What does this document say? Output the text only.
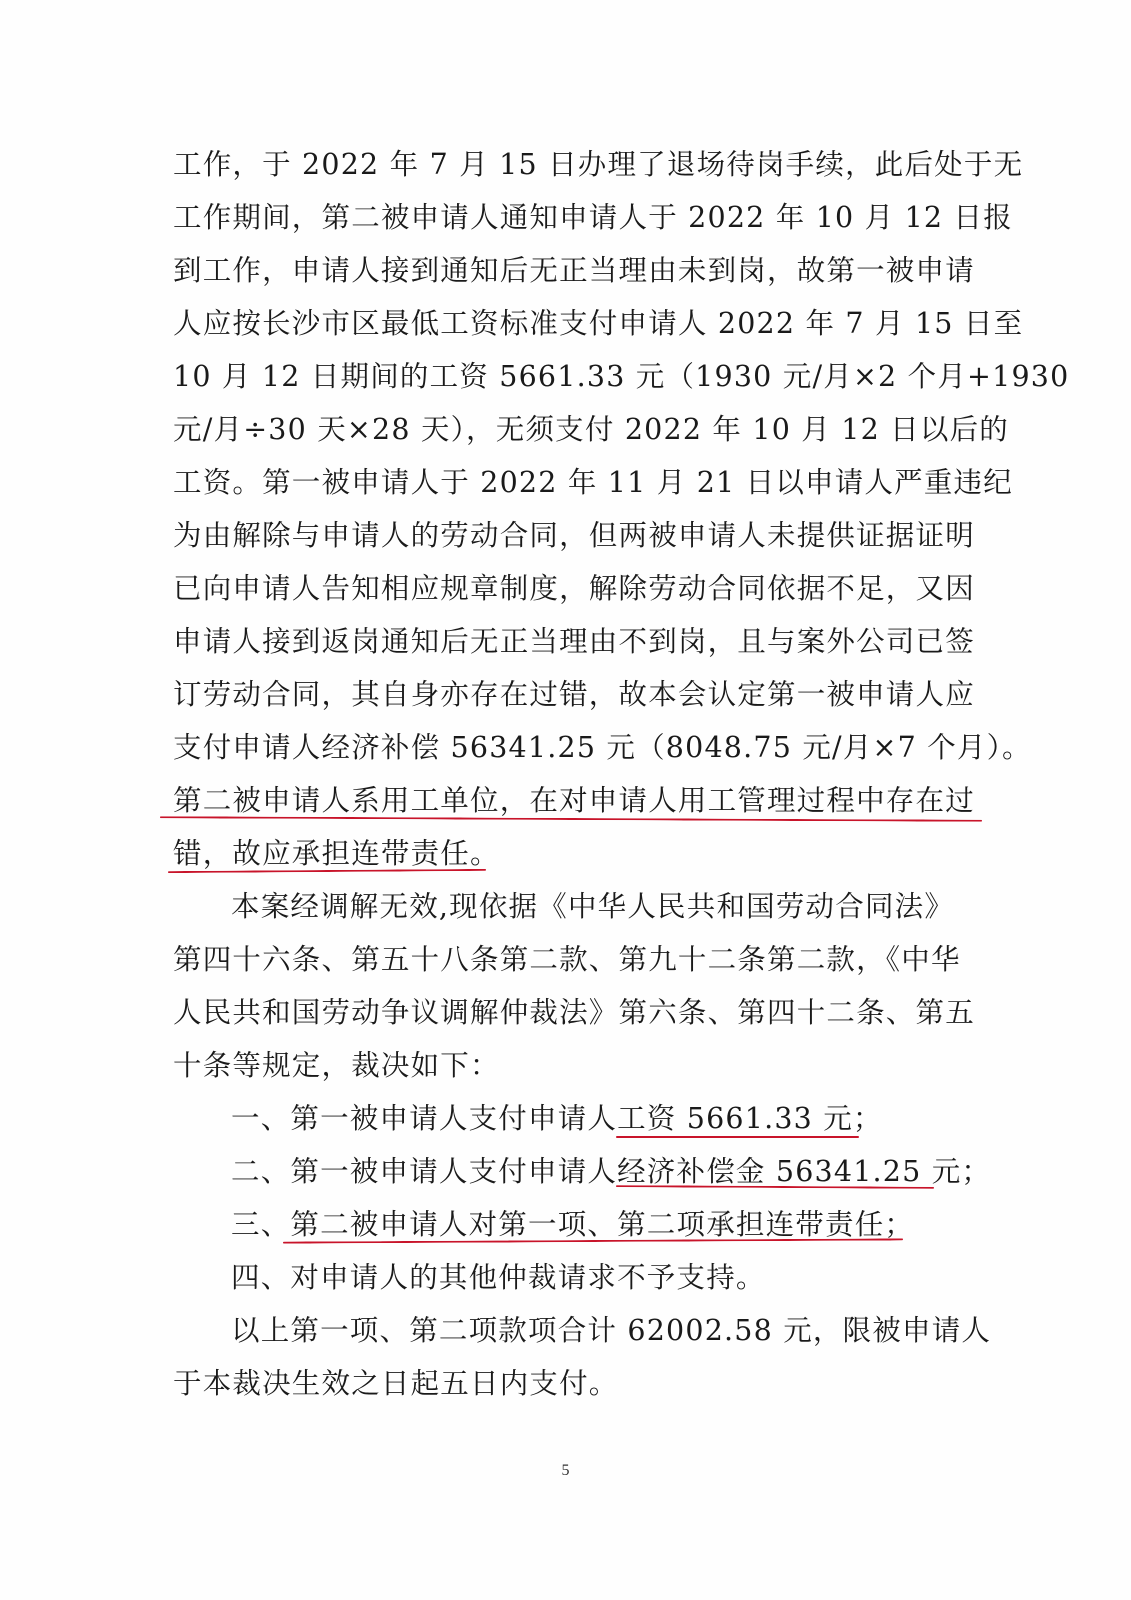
工作，于 2022 年 7 月 15 日办理了退场待岗手续，此后处于无
工作期间，第二被申请人通知申请人于 2022 年 10 月 12 日报
到工作，申请人接到通知后无正当理由未到岗，故第一被申请
人应按长沙市区最低工资标准支付申请人 2022 年 7 月 15 日至
10 月 12 日期间的工资 5661.33 元（1930 元/月×2 个月+1930
元/月÷30 天×28 天），无须支付 2022 年 10 月 12 日以后的
工资。第一被申请人于 2022 年 11 月 21 日以申请人严重违纪
为由解除与申请人的劳动合同，但两被申请人未提供证据证明
已向申请人告知相应规章制度，解除劳动合同依据不足，又因
申请人接到返岗通知后无正当理由不到岗，且与案外公司已签
订劳动合同，其自身亦存在过错，故本会认定第一被申请人应
支付申请人经济补偿 56341.25 元（8048.75 元/月×7 个月）。
第二被申请人系用工单位，在对申请人用工管理过程中存在过
错，故应承担连带责任。
本案经调解无效,现依据《中华人民共和国劳动合同法》
第四十六条、第五十八条第二款、第九十二条第二款，《中华
人民共和国劳动争议调解仲裁法》第六条、第四十二条、第五
十条等规定，裁决如下：
一、第一被申请人支付申请人工资 5661.33 元；
二、第一被申请人支付申请人经济补偿金 56341.25 元；
三、第二被申请人对第一项、第二项承担连带责任；
四、对申请人的其他仲裁请求不予支持。
以上第一项、第二项款项合计 62002.58 元，限被申请人
于本裁决生效之日起五日内支付。
5
